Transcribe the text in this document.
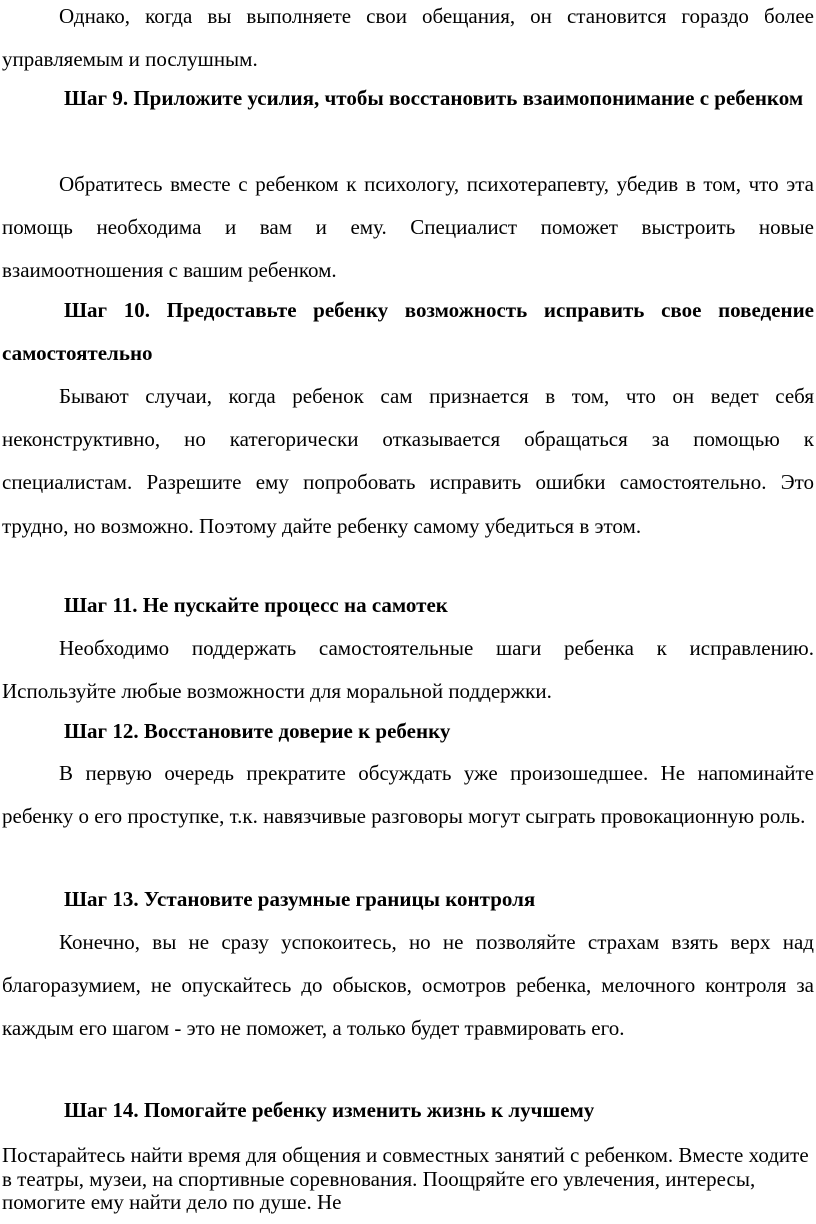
Однако, когда вы выполняете свои обещания, он становится гораздо более управляемым и послушным.

Шаг 9. Приложите усилия, чтобы восстановить взаимопонимание с ребенком

Обратитесь вместе с ребенком к психологу, психотерапевту, убедив в том, что эта помощь необходима и вам и ему. Специалист поможет выстроить новые взаимоотношения с вашим ребенком.

Шаг 10. Предоставьте ребенку возможность исправить свое поведение самостоятельно

Бывают случаи, когда ребенок сам признается в том, что он ведет себя неконструктивно, но категорически отказывается обращаться за помощью к специалистам. Разрешите ему попробовать исправить ошибки самостоятельно. Это трудно, но возможно. Поэтому дайте ребенку самому убедиться в этом.

Шаг 11. Не пускайте процесс на самотек

Необходимо поддержать самостоятельные шаги ребенка к исправлению. Используйте любые возможности для моральной поддержки.

Шаг 12. Восстановите доверие к ребенку

В первую очередь прекратите обсуждать уже произошедшее. Не напоминайте ребенку о его проступке, т.к. навязчивые разговоры могут сыграть провокационную роль.

Шаг 13. Установите разумные границы контроля

Конечно, вы не сразу успокоитесь, но не позволяйте страхам взять верх над благоразумием, не опускайтесь до обысков, осмотров ребенка, мелочного контроля за каждым его шагом - это не поможет, а только будет травмировать его.

Шаг 14. Помогайте ребенку изменить жизнь к лучшему

Постарайтесь найти время для общения и совместных занятий с ребенком. Вместе ходите в театры, музеи, на спортивные соревнования. Поощряйте его увлечения, интересы, помогите ему найти дело по душе. Не
